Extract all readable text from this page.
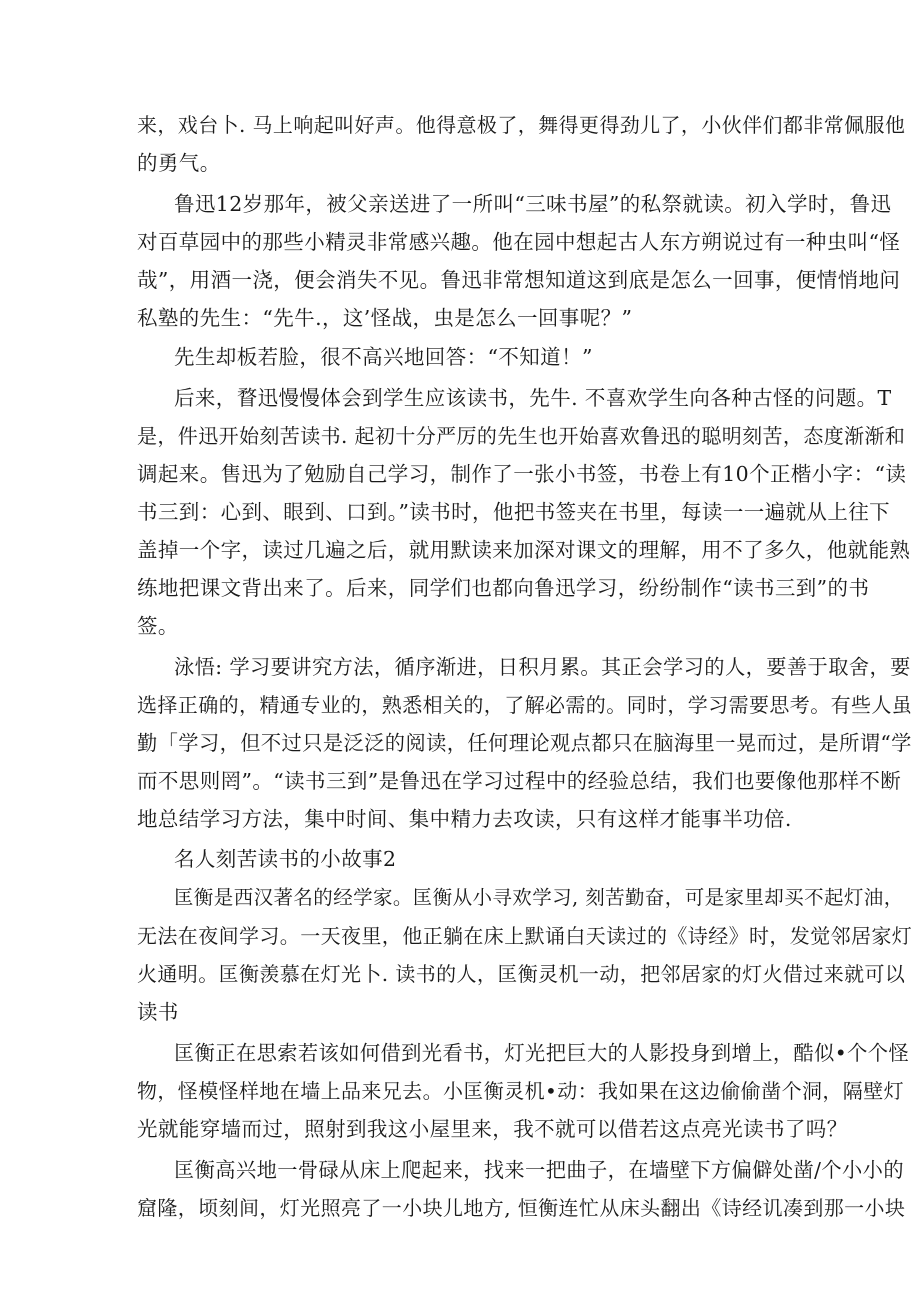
来，戏台卜. 马上响起叫好声。他得意极了，舞得更得劲儿了，小伙伴们都非常佩服他
的勇气。
鲁迅12岁那年，被父亲送进了一所叫“三味书屋”的私祭就读。初入学时，鲁迅
对百草园中的那些小精灵非常感兴趣。他在园中想起古人东方朔说过有一种虫叫“怪
哉”，用酒一浇，便会消失不见。鲁迅非常想知道这到底是怎么一回事，便情悄地问
私塾的先生：“先牛.，这’怪战，虫是怎么一回事呢？”
先生却板若脸，很不高兴地回答：“不知道！”
后来，瞀迅慢慢体会到学生应该读书，先牛. 不喜欢学生向各种古怪的问题。T
是，件迅开始刻苦读书. 起初十分严厉的先生也开始喜欢鲁迅的聪明刻苦，态度渐渐和
调起来。售迅为了勉励自己学习，制作了一张小书签，书卷上有10个正楷小字：“读
书三到：心到、眼到、口到。”读书时，他把书签夹在书里，每读一一遍就从上往下
盖掉一个字，读过几遍之后，就用默读来加深对课文的理解，用不了多久，他就能熟
练地把课文背出来了。后来，同学们也都向鲁迅学习，纷纷制作“读书三到”的书
签。
泳悟: 学习要讲究方法，循序渐进，日积月累。其正会学习的人，要善于取舍，要
选择正确的，精通专业的，熟悉相关的，了解必需的。同时，学习需要思考。有些人虽
勤「学习，但不过只是泛泛的阅读，任何理论观点都只在脑海里一晃而过，是所谓“学
而不思则罔”。“读书三到”是鲁迅在学习过程中的经验总结，我们也要像他那样不断
地总结学习方法，集中时间、集中精力去攻读，只有这样才能事半功倍.
名人刻苦读书的小故事2
匡衡是西汉著名的经学家。匡衡从小寻欢学习, 刻苦勤奋，可是家里却买不起灯油，
无法在夜间学习。一天夜里，他正躺在床上默诵白天读过的《诗经》时，发觉邻居家灯
火通明。匡衡羡慕在灯光卜. 读书的人，匡衡灵机一动，把邻居家的灯火借过来就可以
读书
匡衡正在思索若该如何借到光看书，灯光把巨大的人影投身到增上，酷似•个个怪
物，怪模怪样地在墙上品来兄去。小匡衡灵机•动：我如果在这边偷偷凿个洞，隔壁灯
光就能穿墙而过，照射到我这小屋里来，我不就可以借若这点亮光读书了吗？
匡衡高兴地一骨碌从床上爬起来，找来一把曲子，在墙壁下方偏僻处凿/个小小的
窟隆，顷刻间，灯光照亮了一小块儿地方, 恒衡连忙从床头翻出《诗经讥凑到那一小块
